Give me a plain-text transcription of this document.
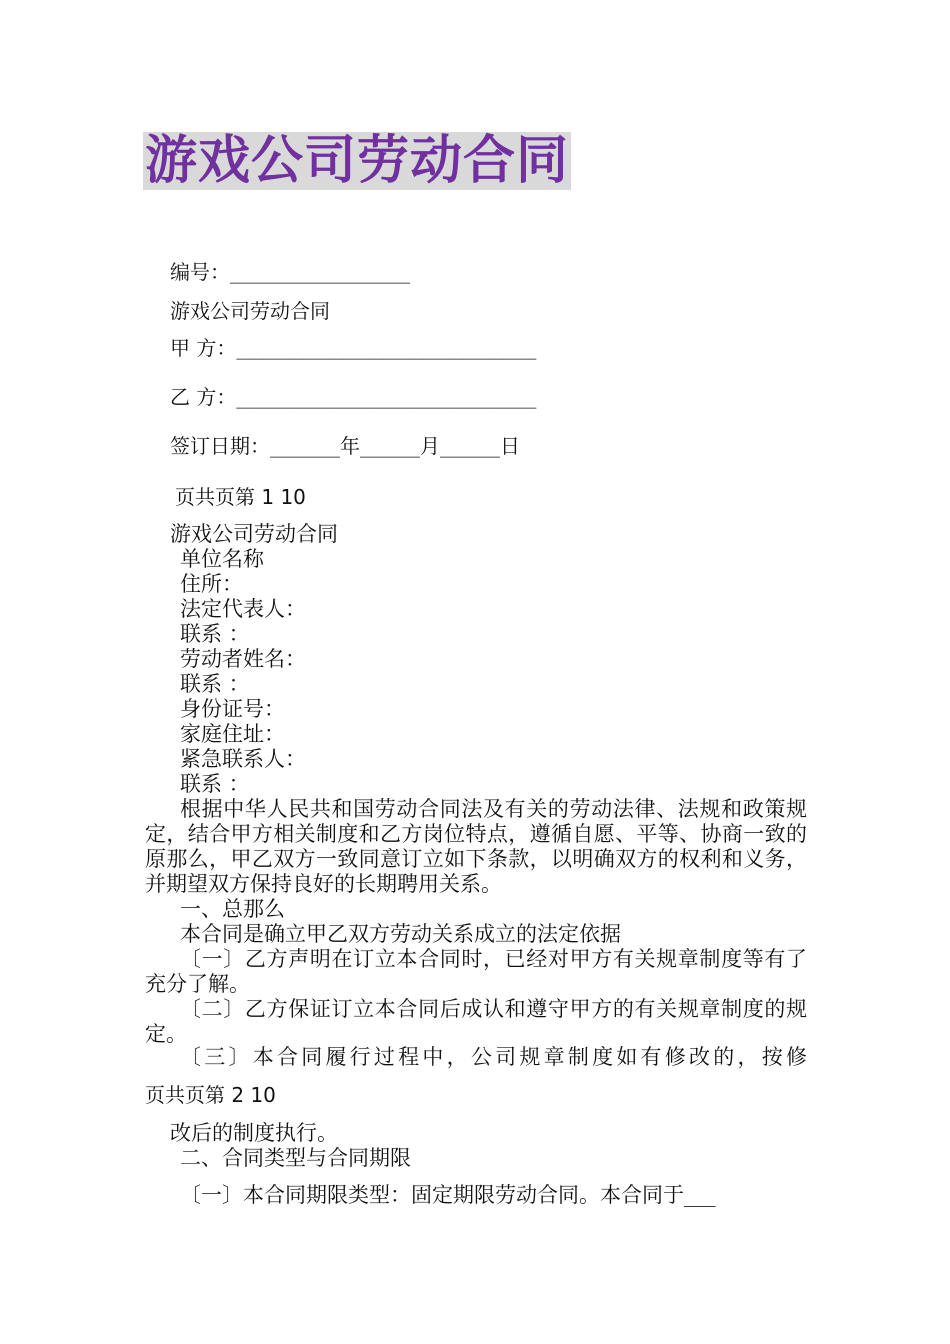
游戏公司劳动合同
编号：__________________
游戏公司劳动合同
甲 方：______________________________
乙 方：______________________________
签订日期：_______年______月______日
页共页第 1 10
游戏公司劳动合同
单位名称
住所：
法定代表人：
联系 ：
劳动者姓名：
联系 ：
身份证号：
家庭住址：
紧急联系人：
联系 ：
根据中华人民共和国劳动合同法及有关的劳动法律、法规和政策规定，结合甲方相关制度和乙方岗位特点，遵循自愿、平等、协商一致的原那么，甲乙双方一致同意订立如下条款，以明确双方的权利和义务，并期望双方保持良好的长期聘用关系。
一、总那么
本合同是确立甲乙双方劳动关系成立的法定依据
〔一〕乙方声明在订立本合同时，已经对甲方有关规章制度等有了充分了解。
〔二〕乙方保证订立本合同后成认和遵守甲方的有关规章制度的规定。
〔三〕本合同履行过程中，公司规章制度如有修改的，按修
页共页第 2 10
改后的制度执行。
二、合同类型与合同期限
〔一〕本合同期限类型：固定期限劳动合同。本合同于___
